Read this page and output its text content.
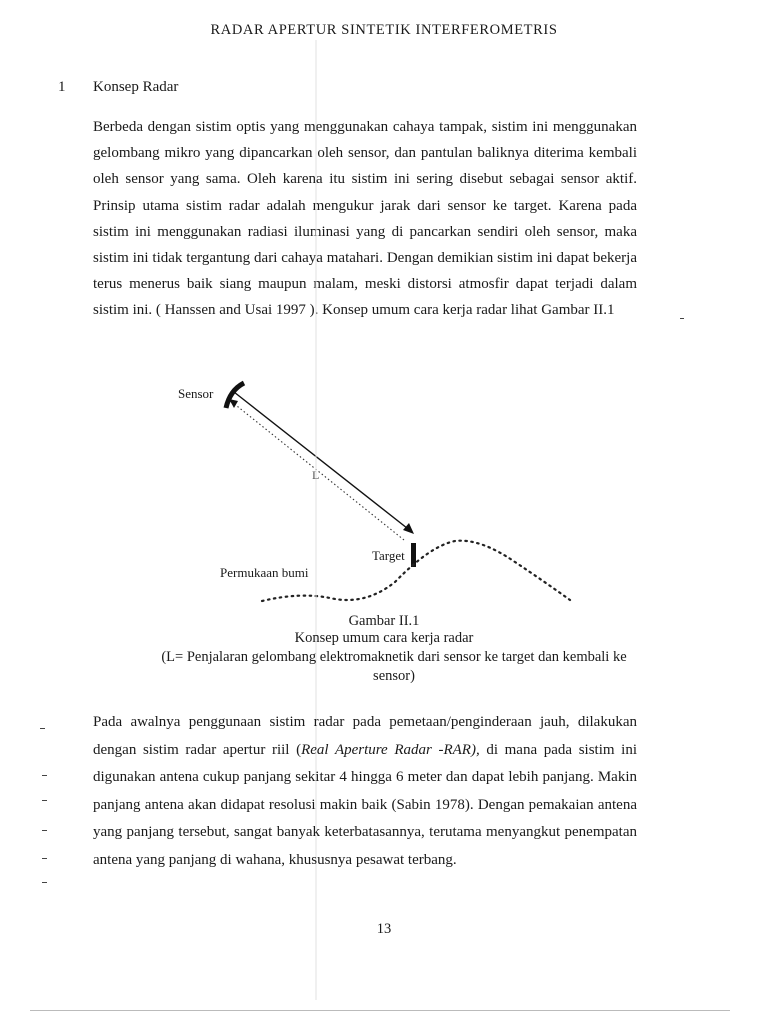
RADAR APERTUR SINTETIK INTERFEROMETRIS
1 Konsep Radar
Berbeda dengan sistim optis yang menggunakan cahaya tampak, sistim ini menggunakan gelombang mikro yang dipancarkan oleh sensor, dan pantulan baliknya diterima kembali oleh sensor yang sama. Oleh karena itu sistim ini sering disebut sebagai sensor aktif. Prinsip utama sistim radar adalah mengukur jarak dari sensor ke target. Karena pada sistim ini menggunakan radiasi iluminasi yang di pancarkan sendiri oleh sensor, maka sistim ini tidak tergantung dari cahaya matahari. Dengan demikian sistim ini dapat bekerja terus menerus baik siang maupun malam, meski distorsi atmosfir dapat terjadi dalam sistim ini. ( Hanssen and Usai 1997 ). Konsep umum cara kerja radar lihat Gambar II.1
Sensor
Target
Permukaan bumi
L
Gambar II.1
Konsep umum cara kerja radar
(L= Penjalaran gelombang elektromaknetik dari sensor ke target dan kembali ke sensor)
Pada awalnya penggunaan sistim radar pada pemetaan/penginderaan jauh, dilakukan dengan sistim radar apertur riil (Real Aperture Radar -RAR), di mana pada sistim ini digunakan antena cukup panjang sekitar 4 hingga 6 meter dan dapat lebih panjang. Makin panjang antena akan didapat resolusi makin baik (Sabin 1978). Dengan pemakaian antena yang panjang tersebut, sangat banyak keterbatasannya, terutama menyangkut penempatan antena yang panjang di wahana, khususnya pesawat terbang.
13
